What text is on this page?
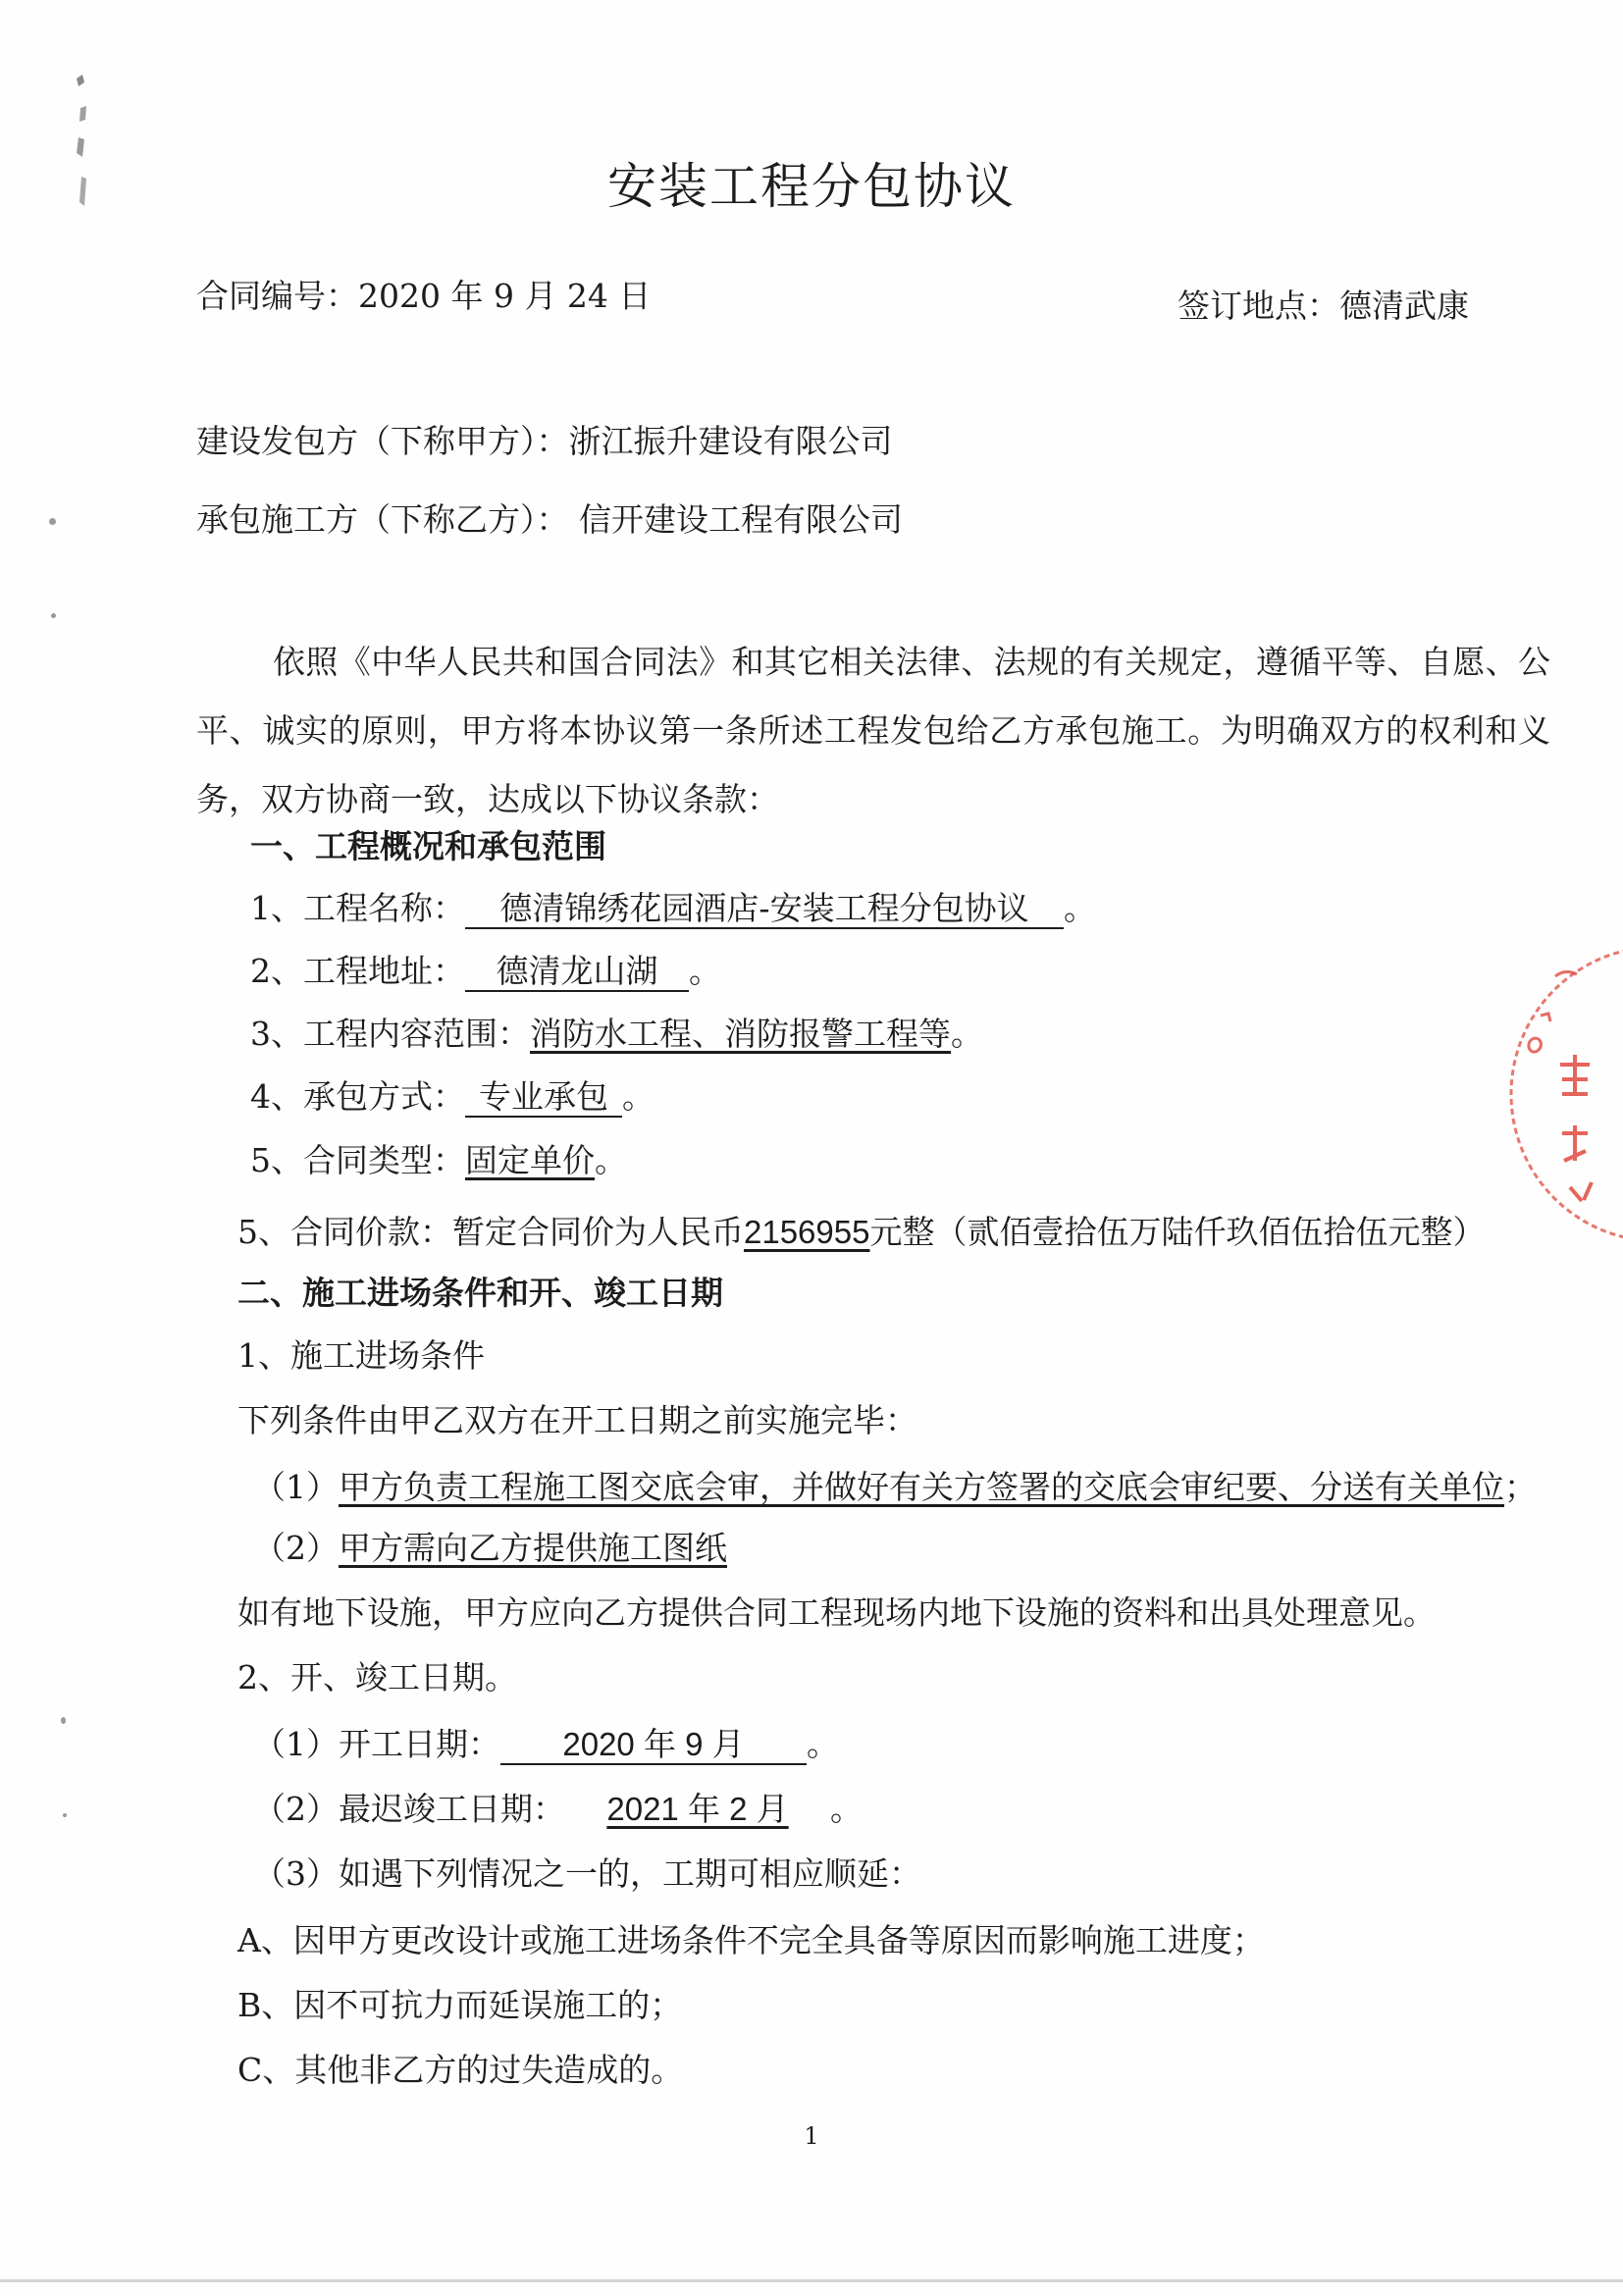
安装工程分包协议
合同编号：2020 年 9 月 24 日	签订地点：德清武康
建设发包方（下称甲方）：浙江振升建设有限公司
承包施工方（下称乙方）： 信开建设工程有限公司
依照《中华人民共和国合同法》和其它相关法律、法规的有关规定，遵循平等、自愿、公平、诚实的原则，甲方将本协议第一条所述工程发包给乙方承包施工。为明确双方的权利和义务，双方协商一致，达成以下协议条款：
一、工程概况和承包范围
1、工程名称： 德清锦绣花园酒店-安装工程分包协议 。
2、工程地址： 德清龙山湖 。
3、工程内容范围：消防水工程、消防报警工程等。
4、承包方式： 专业承包 。
5、合同类型：固定单价。
5、合同价款：暂定合同价为人民币2156955元整（贰佰壹拾伍万陆仟玖佰伍拾伍元整）
二、施工进场条件和开、竣工日期
1、施工进场条件
下列条件由甲乙双方在开工日期之前实施完毕：
（1）甲方负责工程施工图交底会审，并做好有关方签署的交底会审纪要、分送有关单位；
（2）甲方需向乙方提供施工图纸
如有地下设施，甲方应向乙方提供合同工程现场内地下设施的资料和出具处理意见。
2、开、竣工日期。
（1）开工日期： 2020 年 9 月 。
（2）最迟竣工日期： 2021 年 2 月 。
（3）如遇下列情况之一的，工期可相应顺延：
A、因甲方更改设计或施工进场条件不完全具备等原因而影响施工进度；
B、因不可抗力而延误施工的；
C、其他非乙方的过失造成的。
1
